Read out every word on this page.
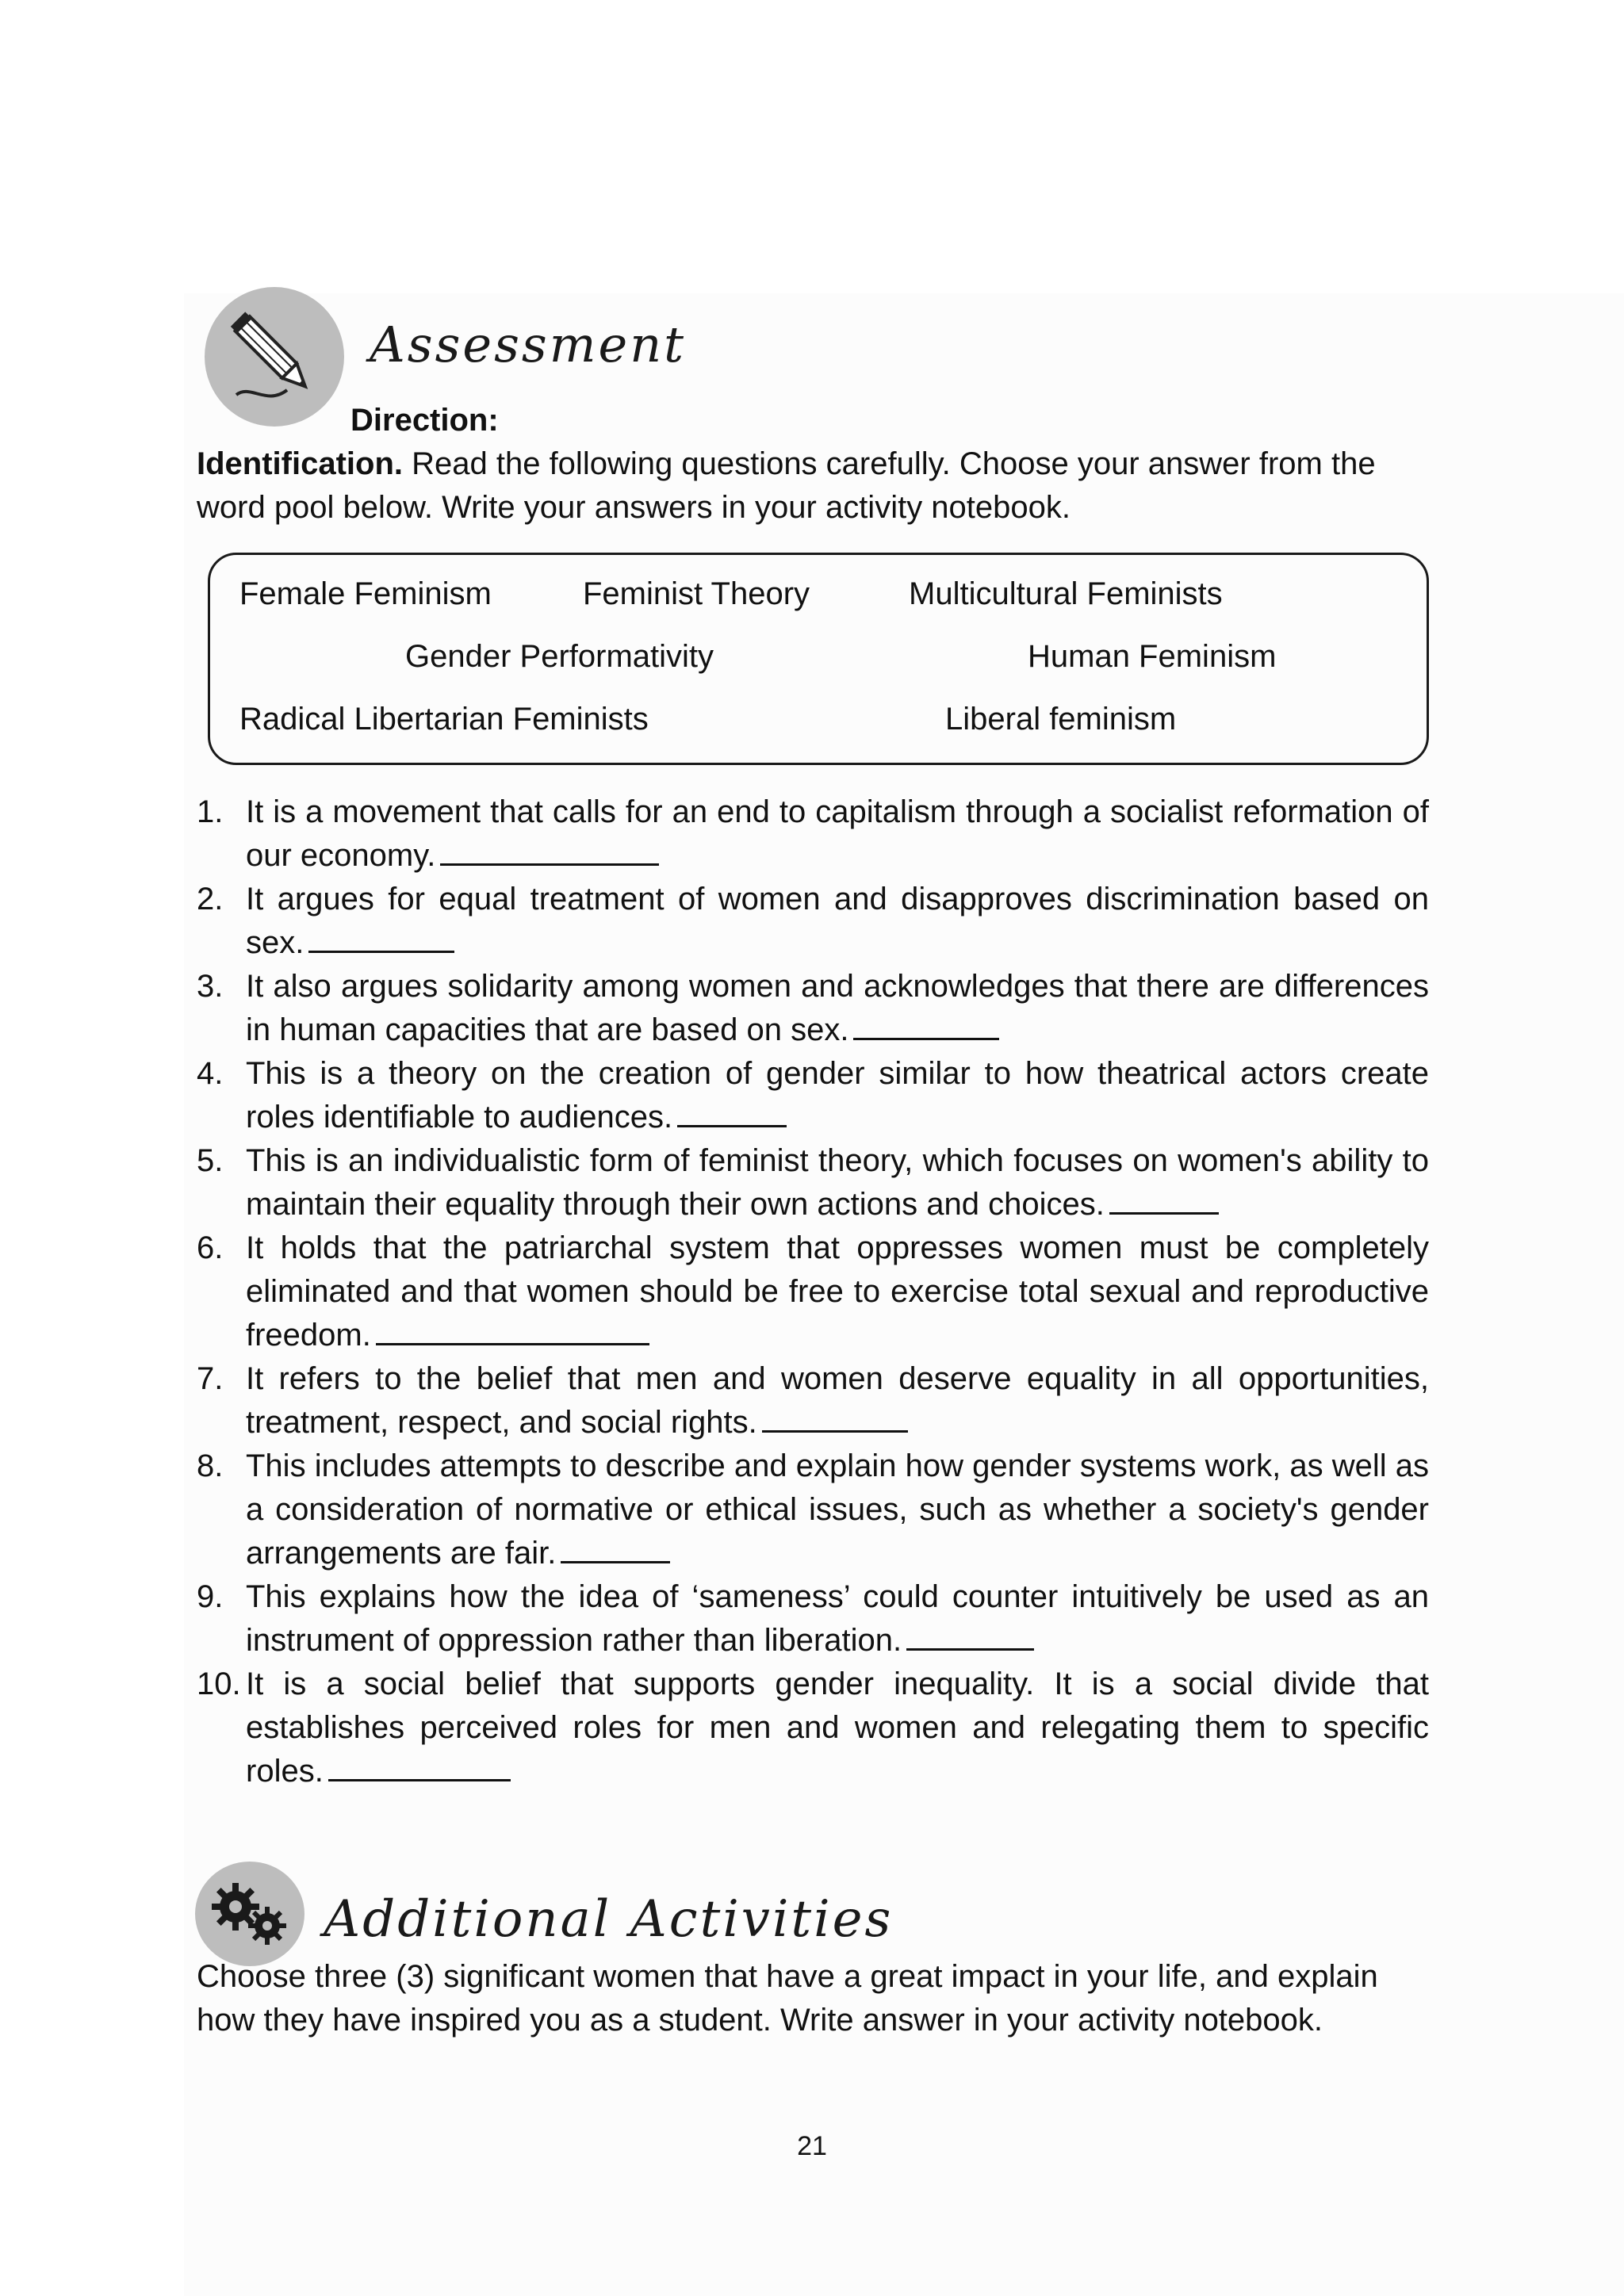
Assessment
Direction:
Identification. Read the following questions carefully. Choose your answer from the word pool below. Write your answers in your activity notebook.
Female Feminism	Feminist Theory	Multicultural Feminists
Gender Performativity	Human Feminism
Radical Libertarian Feminists	Liberal feminism
1. It is a movement that calls for an end to capitalism through a socialist reformation of our economy.
2. It argues for equal treatment of women and disapproves discrimination based on sex.
3. It also argues solidarity among women and acknowledges that there are differences in human capacities that are based on sex.
4. This is a theory on the creation of gender similar to how theatrical actors create roles identifiable to audiences.
5. This is an individualistic form of feminist theory, which focuses on women's ability to maintain their equality through their own actions and choices.
6. It holds that the patriarchal system that oppresses women must be completely eliminated and that women should be free to exercise total sexual and reproductive freedom.
7. It refers to the belief that men and women deserve equality in all opportunities, treatment, respect, and social rights.
8. This includes attempts to describe and explain how gender systems work, as well as a consideration of normative or ethical issues, such as whether a society's gender arrangements are fair.
9. This explains how the idea of ‘sameness’ could counter intuitively be used as an instrument of oppression rather than liberation.
10. It is a social belief that supports gender inequality. It is a social divide that establishes perceived roles for men and women and relegating them to specific roles.
Additional Activities
Choose three (3) significant women that have a great impact in your life, and explain how they have inspired you as a student. Write answer in your activity notebook.
21
